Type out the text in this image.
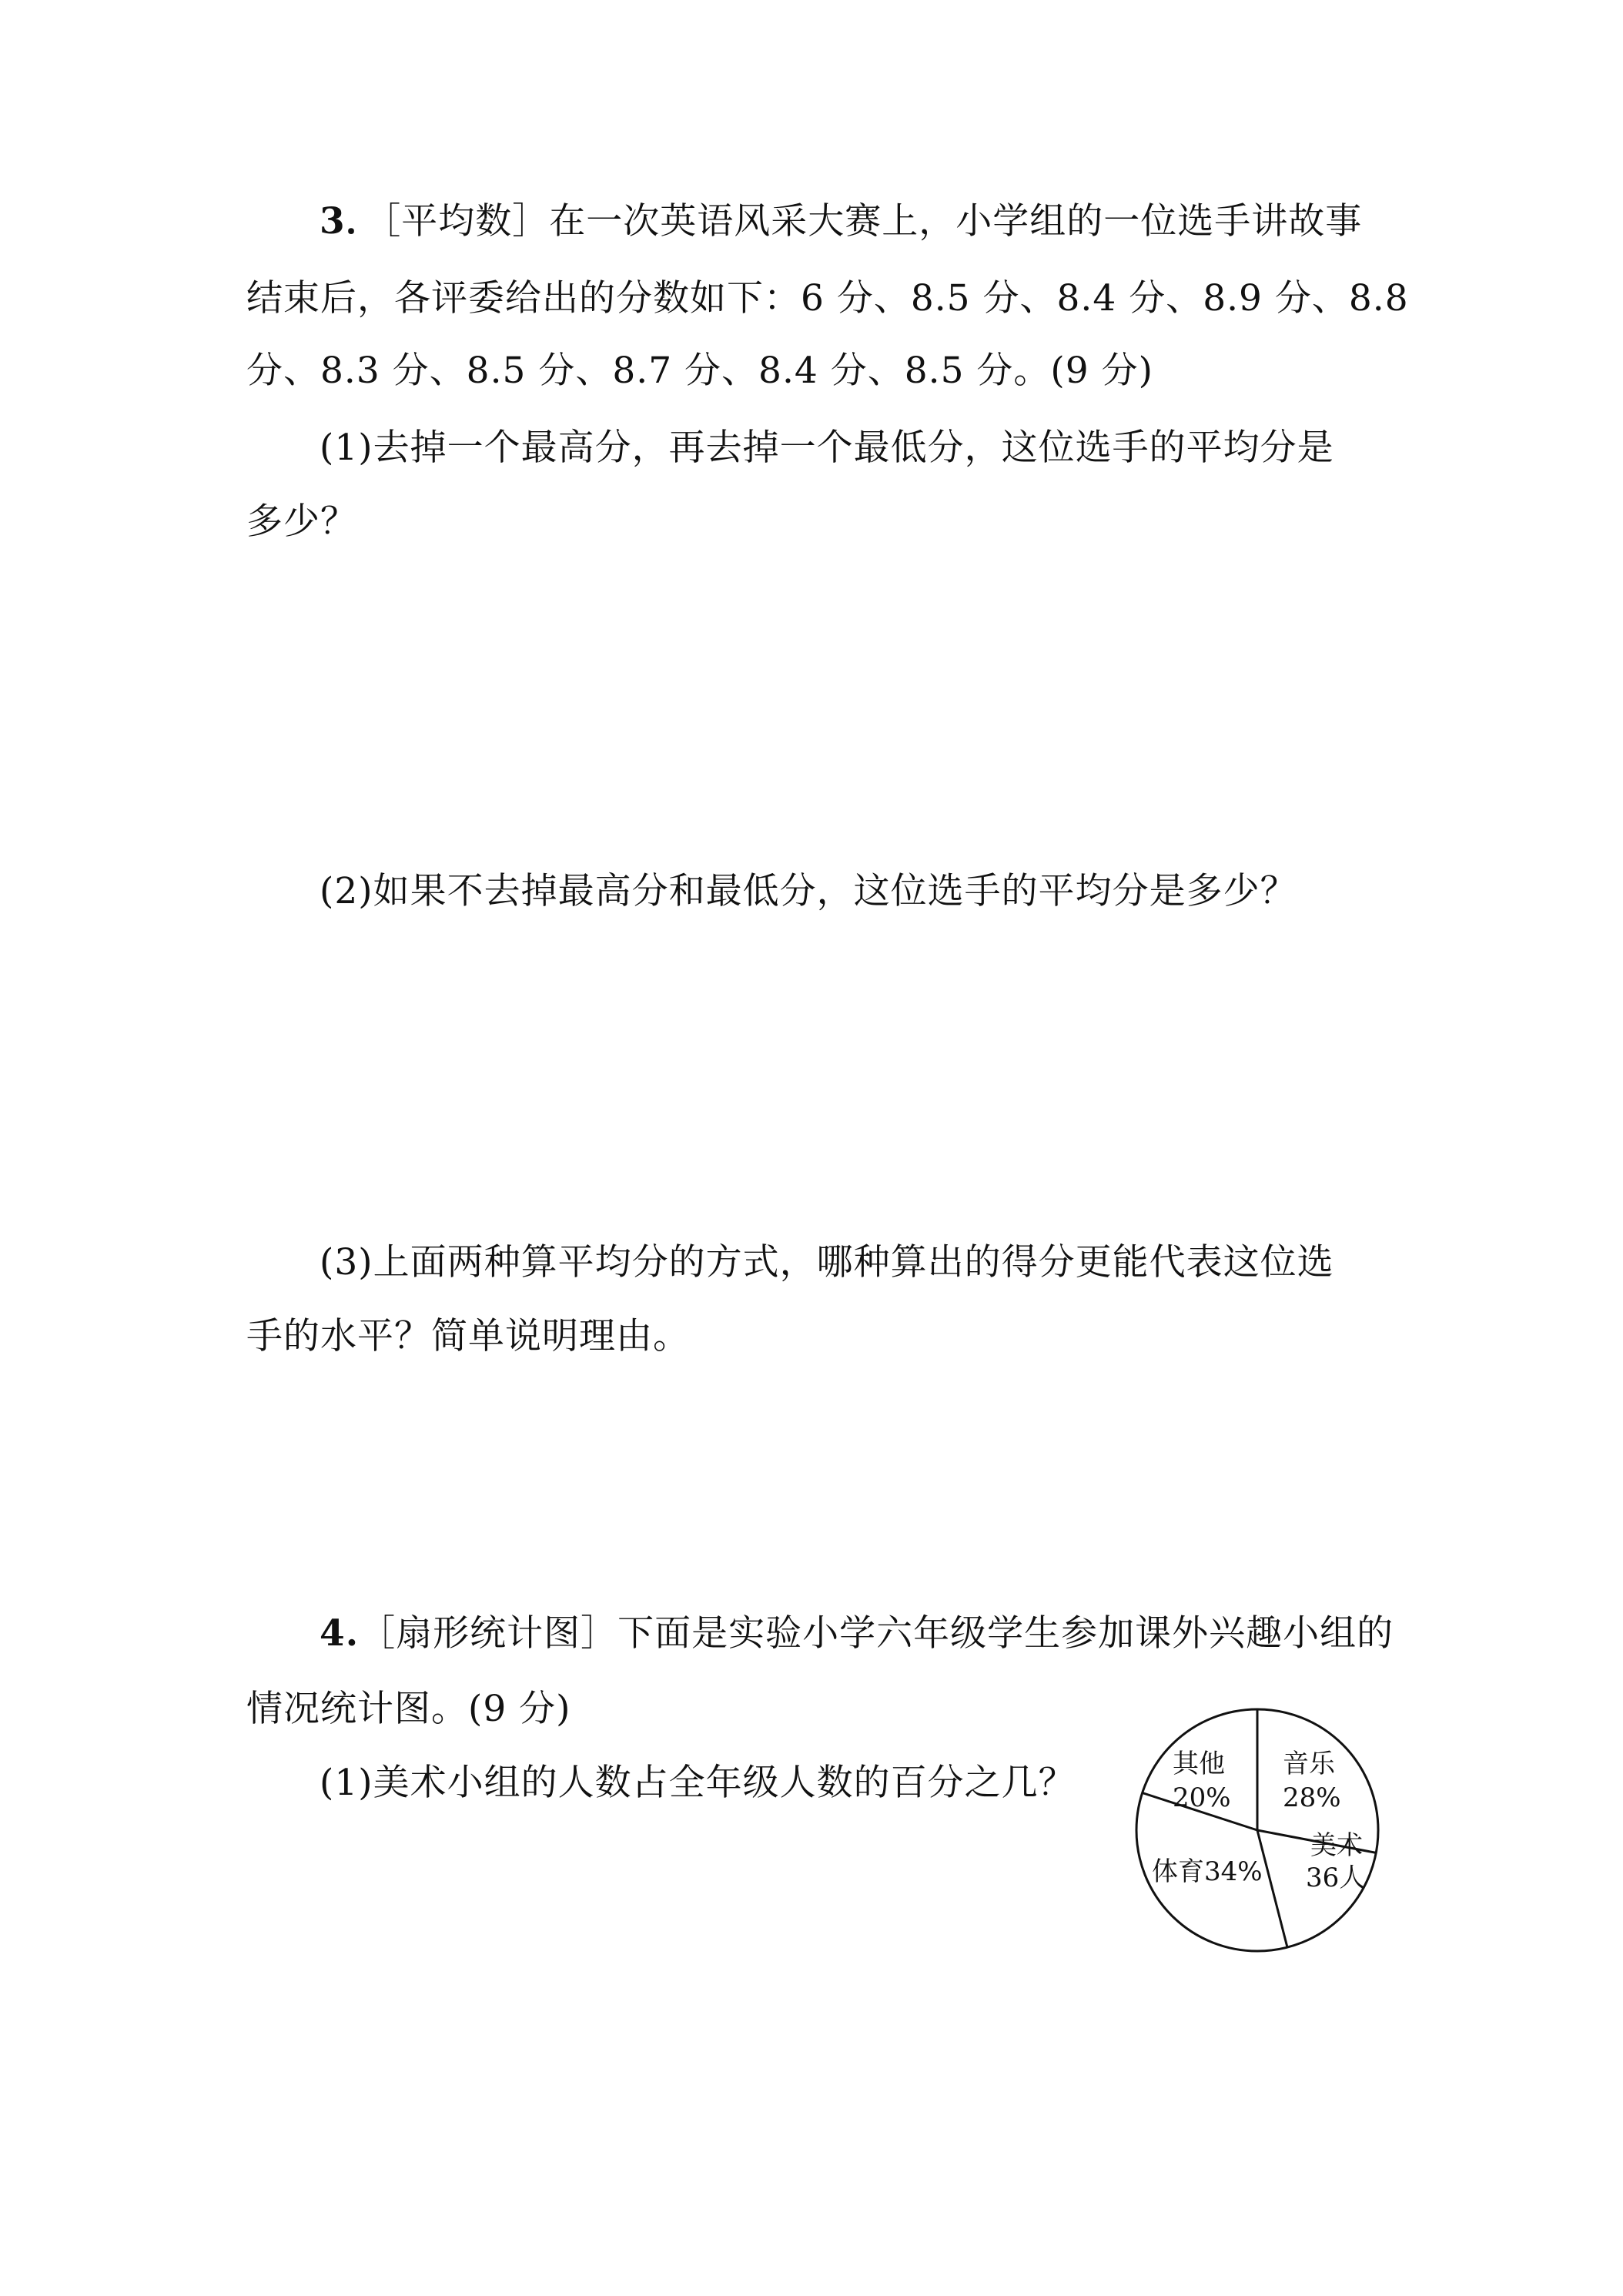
3．［平均数］在一次英语风采大赛上，小学组的一位选手讲故事
结束后，各评委给出的分数如下：6 分、8.5 分、8.4 分、8.9 分、8.8
分、8.3 分、8.5 分、8.7 分、8.4 分、8.5 分。(9 分)
(1)去掉一个最高分，再去掉一个最低分，这位选手的平均分是
多少？
(2)如果不去掉最高分和最低分，这位选手的平均分是多少？
(3)上面两种算平均分的方式，哪种算出的得分更能代表这位选
手的水平？简单说明理由。
4.［扇形统计图］下面是实验小学六年级学生参加课外兴趣小组的
情况统计图。(9 分)
(1)美术小组的人数占全年级人数的百分之几？	其他
20%
音乐
28%
美术
36人
体育34%
